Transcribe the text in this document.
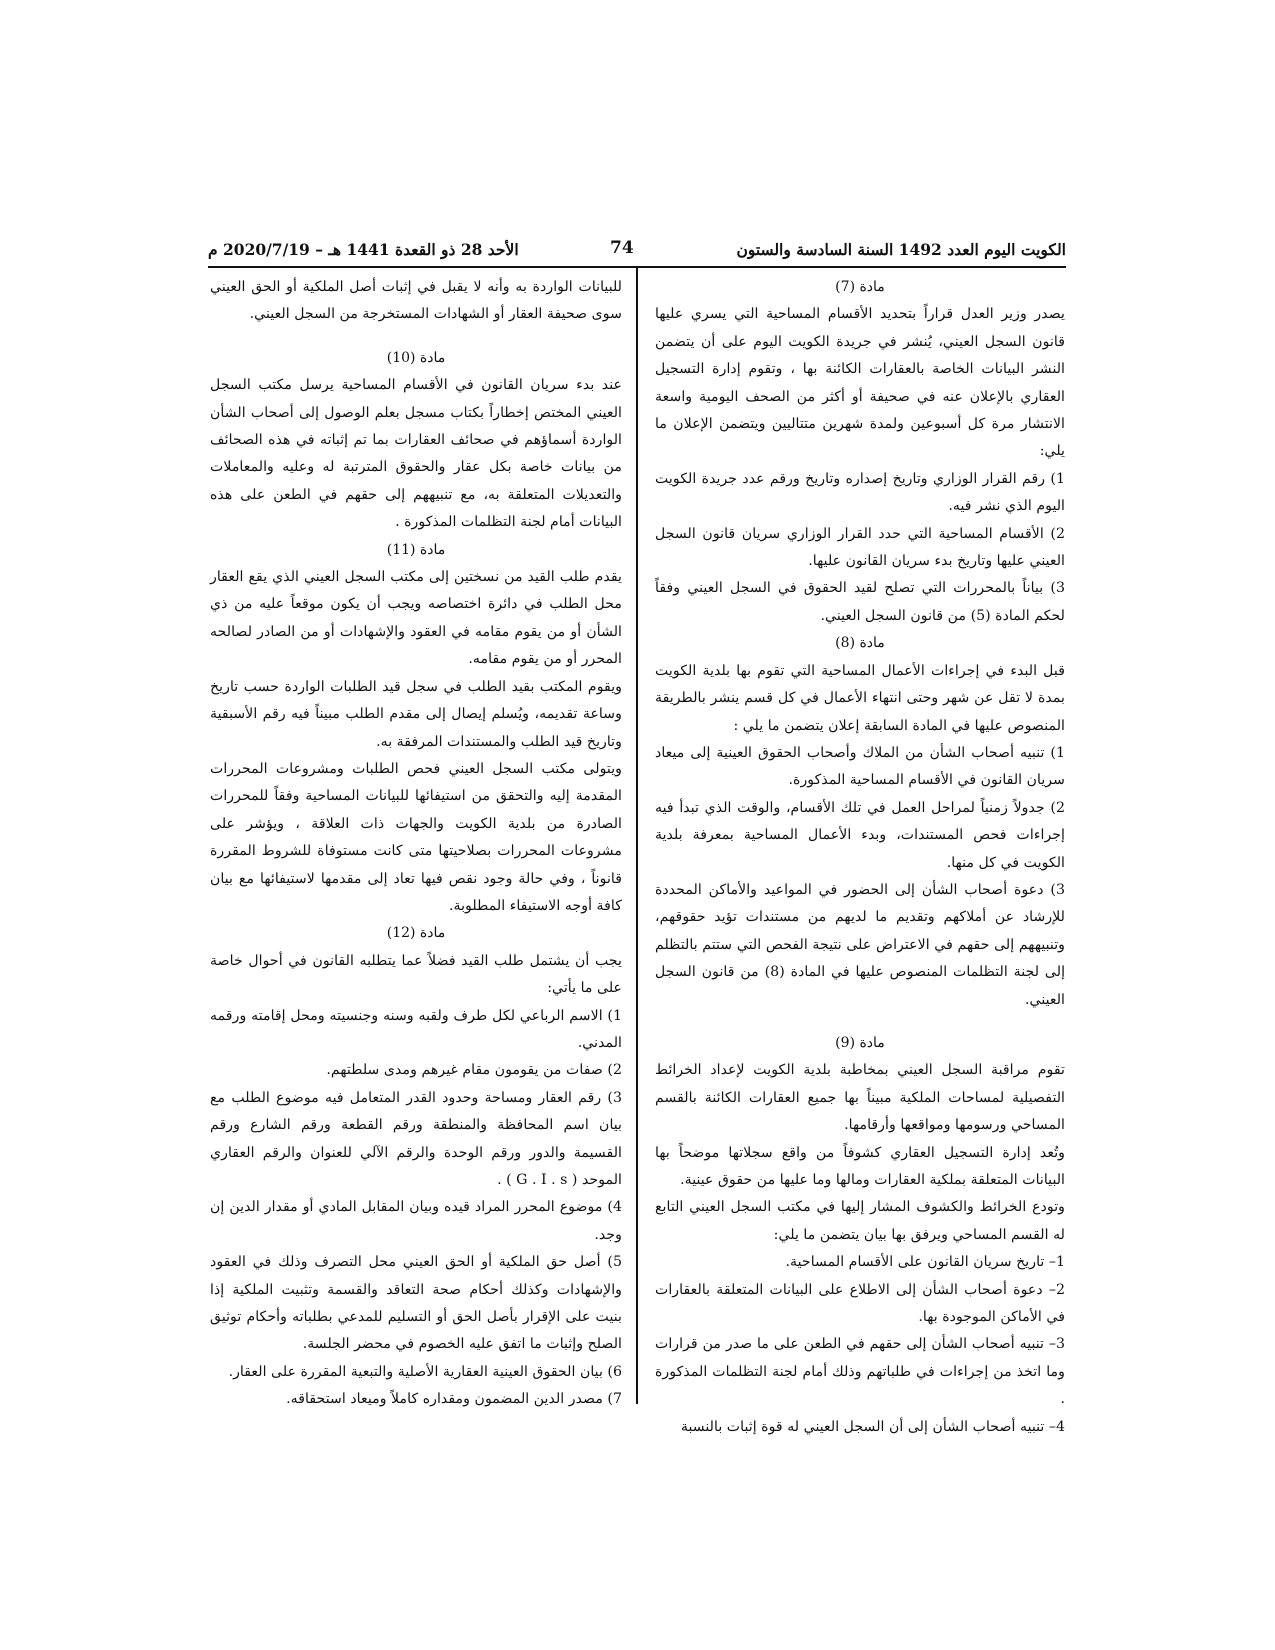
الكويت اليوم العدد 1492 السنة السادسة والستون
74
الأحد 28 ذو القعدة 1441 هـ – 2020/7/19 م

مادة (7)

يصدر وزير العدل قراراً بتحديد الأقسام المساحية التي يسري عليها قانون السجل العيني، يُنشر في جريدة الكويت اليوم على أن يتضمن النشر البيانات الخاصة بالعقارات الكائنة بها ، وتقوم إدارة التسجيل العقاري بالإعلان عنه في صحيفة أو أكثر من الصحف اليومية واسعة الانتشار مرة كل أسبوعين ولمدة شهرين متتاليين ويتضمن الإعلان ما يلي:

1) رقم القرار الوزاري وتاريخ إصداره وتاريخ ورقم عدد جريدة الكويت اليوم الذي نشر فيه.

2) الأقسام المساحية التي حدد القرار الوزاري سريان قانون السجل العيني عليها وتاريخ بدء سريان القانون عليها.

3) بياناً بالمحررات التي تصلح لقيد الحقوق في السجل العيني وفقاً لحكم المادة (5) من قانون السجل العيني.

مادة (8)

قبل البدء في إجراءات الأعمال المساحية التي تقوم بها بلدية الكويت بمدة لا تقل عن شهر وحتى انتهاء الأعمال في كل قسم ينشر بالطريقة المنصوص عليها في المادة السابقة إعلان يتضمن ما يلي :

1) تنبيه أصحاب الشأن من الملاك وأصحاب الحقوق العينية إلى ميعاد سريان القانون في الأقسام المساحية المذكورة.

2) جدولاً زمنياً لمراحل العمل في تلك الأقسام، والوقت الذي تبدأ فيه إجراءات فحص المستندات، وبدء الأعمال المساحية بمعرفة بلدية الكويت في كل منها.

3) دعوة أصحاب الشأن إلى الحضور في المواعيد والأماكن المحددة للإرشاد عن أملاكهم وتقديم ما لديهم من مستندات تؤيد حقوقهم، وتنبيههم إلى حقهم في الاعتراض على نتيجة الفحص التي ستتم بالتظلم إلى لجنة التظلمات المنصوص عليها في المادة (8) من قانون السجل العيني.

مادة (9)

تقوم مراقبة السجل العيني بمخاطبة بلدية الكويت لإعداد الخرائط التفصيلية لمساحات الملكية مبيناً بها جميع العقارات الكائنة بالقسم المساحي ورسومها ومواقعها وأرقامها.

وتُعد إدارة التسجيل العقاري كشوفاً من واقع سجلاتها موضحاً بها البيانات المتعلقة بملكية العقارات ومالها وما عليها من حقوق عينية.

وتودع الخرائط والكشوف المشار إليها في مكتب السجل العيني التابع له القسم المساحي ويرفق بها بيان يتضمن ما يلي:

1– تاريخ سريان القانون على الأقسام المساحية.

2– دعوة أصحاب الشأن إلى الاطلاع على البيانات المتعلقة بالعقارات في الأماكن الموجودة بها.

3– تنبيه أصحاب الشأن إلى حقهم في الطعن على ما صدر من قرارات وما اتخذ من إجراءات في طلباتهم وذلك أمام لجنة التظلمات المذكورة .

4– تنبيه أصحاب الشأن إلى أن السجل العيني له قوة إثبات بالنسبة

للبيانات الواردة به وأنه لا يقبل في إثبات أصل الملكية أو الحق العيني سوى صحيفة العقار أو الشهادات المستخرجة من السجل العيني.

مادة (10)

عند بدء سريان القانون في الأقسام المساحية يرسل مكتب السجل العيني المختص إخطاراً بكتاب مسجل بعلم الوصول إلى أصحاب الشأن الواردة أسماؤهم في صحائف العقارات بما تم إثباته في هذه الصحائف من بيانات خاصة بكل عقار والحقوق المترتبة له وعليه والمعاملات والتعديلات المتعلقة به، مع تنبيههم إلى حقهم في الطعن على هذه البيانات أمام لجنة التظلمات المذكورة .

مادة (11)

يقدم طلب القيد من نسختين إلى مكتب السجل العيني الذي يقع العقار محل الطلب في دائرة اختصاصه ويجب أن يكون موقعاً عليه من ذي الشأن أو من يقوم مقامه في العقود والإشهادات أو من الصادر لصالحه المحرر أو من يقوم مقامه.

ويقوم المكتب بقيد الطلب في سجل قيد الطلبات الواردة حسب تاريخ وساعة تقديمه، ويُسلم إيصال إلى مقدم الطلب مبيناً فيه رقم الأسبقية وتاريخ قيد الطلب والمستندات المرفقة به.

ويتولى مكتب السجل العيني فحص الطلبات ومشروعات المحررات المقدمة إليه والتحقق من استيفائها للبيانات المساحية وفقاً للمحررات الصادرة من بلدية الكويت والجهات ذات العلاقة ، ويؤشر على مشروعات المحررات بصلاحيتها متى كانت مستوفاة للشروط المقررة قانوناً ، وفي حالة وجود نقص فيها تعاد إلى مقدمها لاستيفائها مع بيان كافة أوجه الاستيفاء المطلوبة.

مادة (12)

يجب أن يشتمل طلب القيد فضلاً عما يتطلبه القانون في أحوال خاصة على ما يأتي:

1) الاسم الرباعي لكل طرف ولقبه وسنه وجنسيته ومحل إقامته ورقمه المدني.

2) صفات من يقومون مقام غيرهم ومدى سلطتهم.

3) رقم العقار ومساحة وحدود القدر المتعامل فيه موضوع الطلب مع بيان اسم المحافظة والمنطقة ورقم القطعة ورقم الشارع ورقم القسيمة والدور ورقم الوحدة والرقم الآلي للعنوان والرقم العقاري الموحد ( G . I . s ) .

4) موضوع المحرر المراد قيده وبيان المقابل المادي أو مقدار الدين إن وجد.

5) أصل حق الملكية أو الحق العيني محل التصرف وذلك في العقود والإشهادات وكذلك أحكام صحة التعاقد والقسمة وتثبيت الملكية إذا بنيت على الإقرار بأصل الحق أو التسليم للمدعي بطلباته وأحكام توثيق الصلح وإثبات ما اتفق عليه الخصوم في محضر الجلسة.

6) بيان الحقوق العينية العقارية الأصلية والتبعية المقررة على العقار.

7) مصدر الدين المضمون ومقداره كاملاً وميعاد استحقاقه.
